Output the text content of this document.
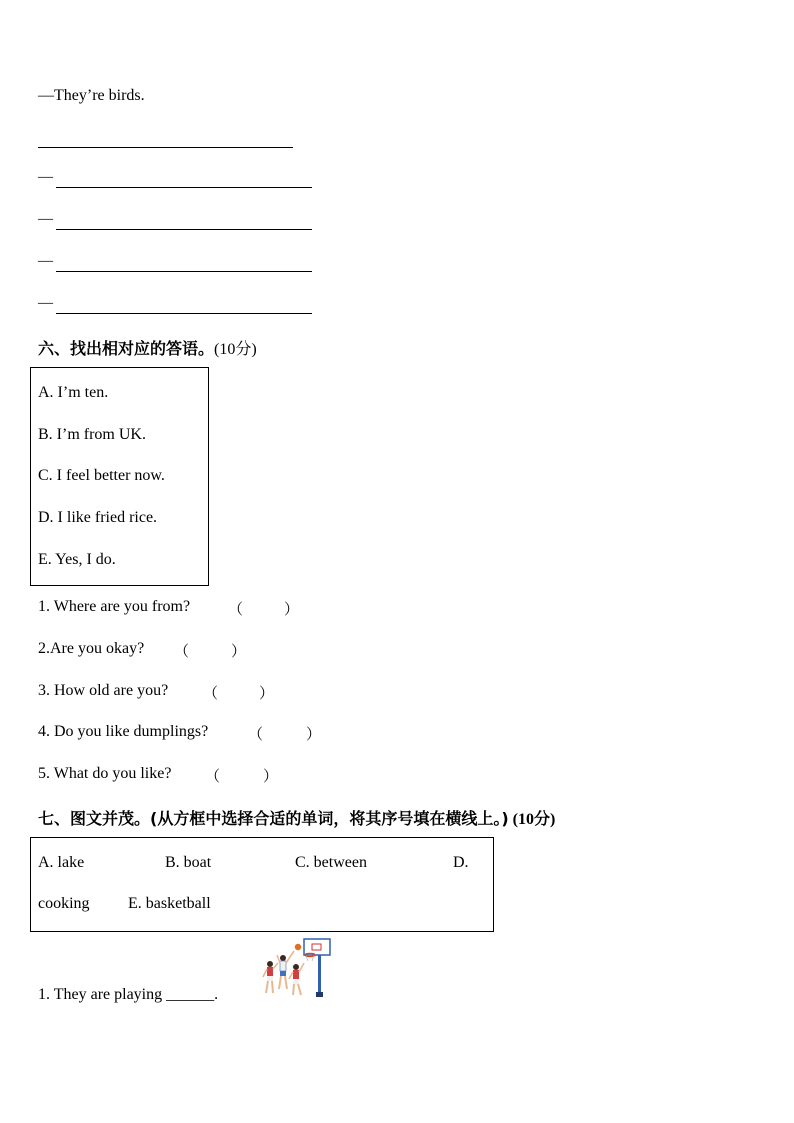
—They’re birds.
—
—
—
—
六、找出相对应的答语。(10分)
A. I’m ten.
B. I’m from UK.
C. I feel better now.
D. I like fried rice.
E. Yes, I do.
1. Where are you from?	（	）
2.Are you okay? （	）
3. How old are you? （	）
4. Do you like dumplings?	（	）
5. What do you like? （	）
七、图文并茂。(从方框中选择合适的单词，将其序号填在横线上。) (10分)
A. lake	B. boat	C. between	D.
cooking E. basketball
1. They are playing ______.
